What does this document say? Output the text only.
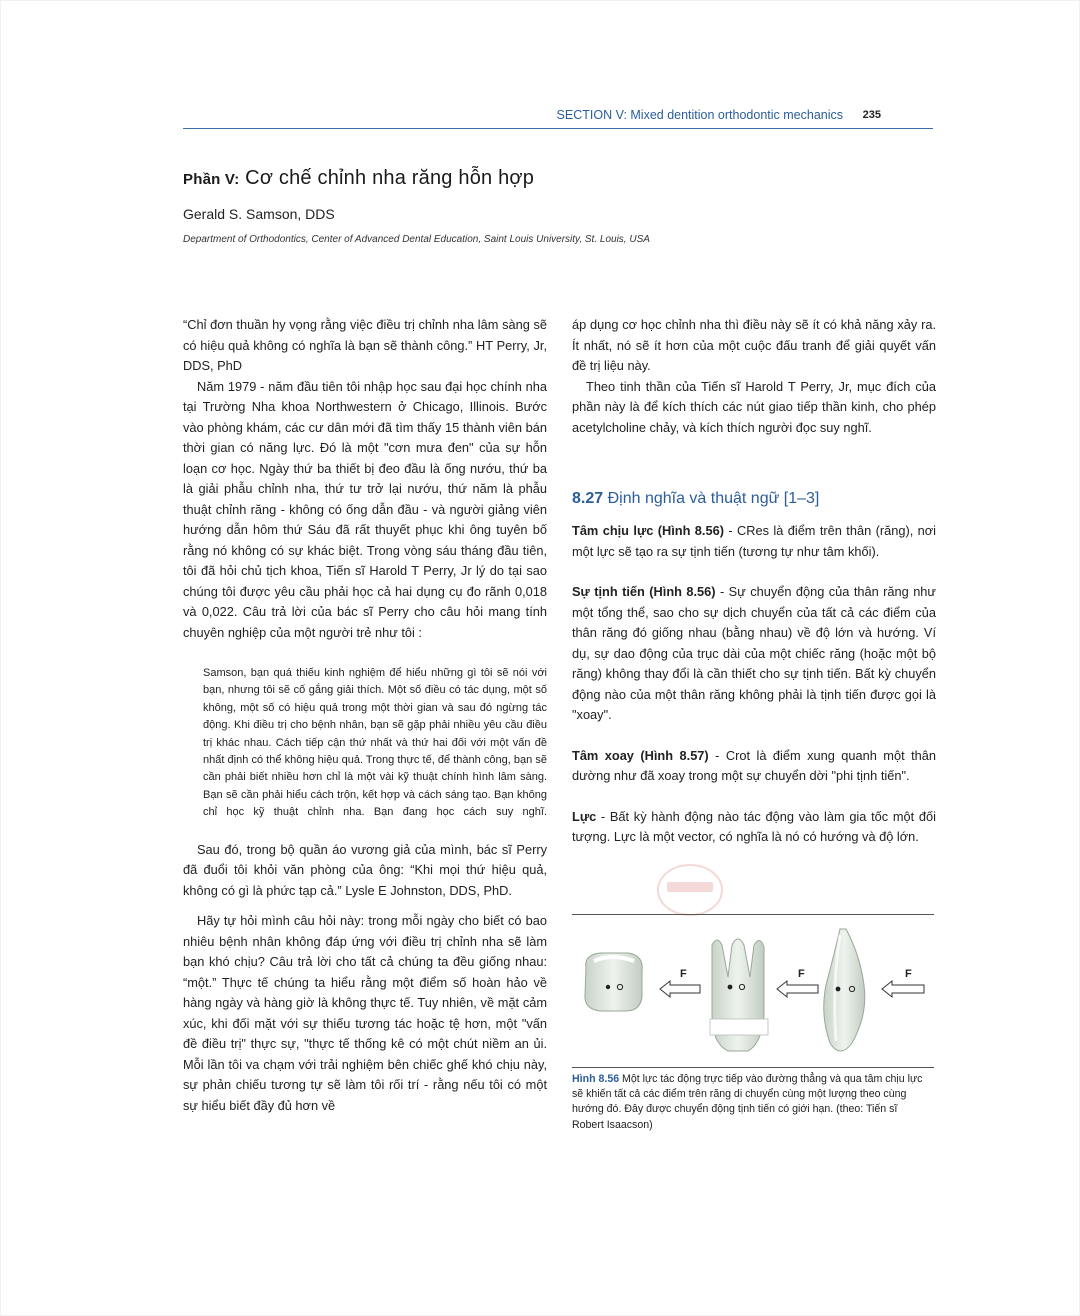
SECTION V: Mixed dentition orthodontic mechanics 235
Phần V: Cơ chế chỉnh nha răng hỗn hợp
Gerald S. Samson, DDS
Department of Orthodontics, Center of Advanced Dental Education, Saint Louis University, St. Louis, USA

“Chỉ đơn thuần hy vọng rằng việc điều trị chỉnh nha lâm sàng sẽ có hiệu quả không có nghĩa là bạn sẽ thành công.” HT Perry, Jr, DDS, PhD

Năm 1979 - năm đầu tiên tôi nhập học sau đại học chính nha tại Trường Nha khoa Northwestern ở Chicago, Illinois. Bước vào phòng khám, các cư dân mới đã tìm thấy 15 thành viên bán thời gian có năng lực. Đó là một "cơn mưa đen" của sự hỗn loạn cơ học. Ngày thứ ba thiết bị đeo đầu là ống nướu, thứ ba là giải phẫu chỉnh nha, thứ tư trở lại nướu, thứ năm là phẫu thuật chỉnh răng - không có ống dẫn đầu - và người giảng viên hướng dẫn hôm thứ Sáu đã rất thuyết phục khi ông tuyên bố rằng nó không có sự khác biệt. Trong vòng sáu tháng đầu tiên, tôi đã hỏi chủ tịch khoa, Tiến sĩ Harold T Perry, Jr lý do tại sao chúng tôi được yêu cầu phải học cả hai dụng cụ đo rãnh 0,018 và 0,022. Câu trả lời của bác sĩ Perry cho câu hỏi mang tính chuyên nghiệp của một người trẻ như tôi :

Samson, bạn quá thiếu kinh nghiệm để hiểu những gì tôi sẽ nói với bạn, nhưng tôi sẽ cố gắng giải thích. Một số điều có tác dụng, một số không, một số có hiệu quả trong một thời gian và sau đó ngừng tác động. Khi điều trị cho bệnh nhân, bạn sẽ gặp phải nhiều yêu cầu điều trị khác nhau. Cách tiếp cận thứ nhất và thứ hai đối với một vấn đề nhất định có thể không hiệu quả. Trong thực tế, để thành công, bạn sẽ cần phải biết nhiều hơn chỉ là một vài kỹ thuật chính hình lâm sàng. Bạn sẽ cần phải hiểu cách trộn, kết hợp và cách sáng tạo. Bạn không chỉ học kỹ thuật chỉnh nha. Bạn đang học cách suy nghĩ.

Sau đó, trong bộ quần áo vương giả của mình, bác sĩ Perry đã đuổi tôi khỏi văn phòng của ông: “Khi mọi thứ hiệu quả, không có gì là phức tạp cả.” Lysle E Johnston, DDS, PhD.

Hãy tự hỏi mình câu hỏi này: trong mỗi ngày cho biết có bao nhiêu bệnh nhân không đáp ứng với điều trị chỉnh nha sẽ làm bạn khó chịu? Câu trả lời cho tất cả chúng ta đều giống nhau: “một.” Thực tế chúng ta hiểu rằng một điểm số hoàn hảo về hàng ngày và hàng giờ là không thực tế. Tuy nhiên, về mặt cảm xúc, khi đối mặt với sự thiếu tương tác hoặc tệ hơn, một "vấn đề điều trị" thực sự, "thực tế thống kê có một chút niềm an ủi. Mỗi lần tôi va chạm với trải nghiệm bên chiếc ghế khó chịu này, sự phản chiếu tương tự sẽ làm tôi rối trí - rằng nếu tôi có một sự hiểu biết đầy đủ hơn về

áp dụng cơ học chỉnh nha thì điều này sẽ ít có khả năng xảy ra. Ít nhất, nó sẽ ít hơn của một cuộc đấu tranh để giải quyết vấn đề trị liệu này.

Theo tinh thần của Tiến sĩ Harold T Perry, Jr, mục đích của phần này là để kích thích các nút giao tiếp thần kinh, cho phép acetylcholine chảy, và kích thích người đọc suy nghĩ.

8.27 Định nghĩa và thuật ngữ [1–3]

Tâm chịu lực (Hình 8.56) - CRes là điểm trên thân (răng), nơi một lực sẽ tạo ra sự tịnh tiến (tương tự như tâm khối).

Sự tịnh tiến (Hình 8.56) - Sự chuyển động của thân răng như một tổng thể, sao cho sự dịch chuyển của tất cả các điểm của thân răng đó giống nhau (bằng nhau) về độ lớn và hướng. Ví dụ, sự dao động của trục dài của một chiếc răng (hoặc một bộ răng) không thay đổi là cần thiết cho sự tịnh tiến. Bất kỳ chuyển động nào của một thân răng không phải là tịnh tiến được gọi là "xoay".

Tâm xoay (Hình 8.57) - Crot là điểm xung quanh một thân dường như đã xoay trong một sự chuyển dời "phi tịnh tiến".

Lực - Bất kỳ hành động nào tác động vào làm gia tốc một đối tượng. Lực là một vector, có nghĩa là nó có hướng và độ lớn.

F	F	F
Hình 8.56 Một lực tác động trực tiếp vào đường thẳng và qua tâm chịu lực sẽ khiến tất cả các điểm trên răng di chuyển cùng một lượng theo cùng hướng đó. Đây được chuyển động tịnh tiến có giới hạn. (theo: Tiến sĩ Robert Isaacson)
